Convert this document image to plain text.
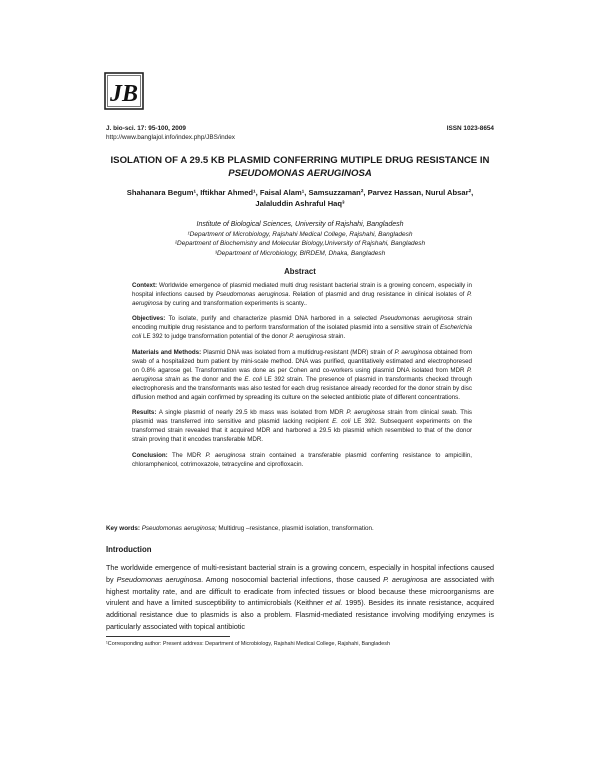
JB
J. bio-sci. 17: 95-100, 2009
http://www.banglajol.info/index.php/JBS/index
ISSN 1023-8654
ISOLATION OF A 29.5 KB PLASMID CONFERRING MUTIPLE DRUG RESISTANCE IN
PSEUDOMONAS AERUGINOSA
Shahanara Begum¹, Iftikhar Ahmed¹, Faisal Alam¹, Samsuzzaman², Parvez Hassan, Nurul Absar²,
Jalaluddin Ashraful Haq³
Institute of Biological Sciences, University of Rajshahi, Bangladesh
¹Department of Microbiology, Rajshahi Medical College, Rajshahi, Bangladesh
²Department of Biochemistry and Molecular Biology,University of Rajshahi, Bangladesh
³Department of Microbiology, BIRDEM, Dhaka, Bangladesh
Abstract

Context: Worldwide emergence of plasmid mediated multi drug resistant bacterial strain is a growing concern, especially in hospital infections caused by Pseudomonas aeruginosa. Relation of plasmid and drug resistance in clinical isolates of P. aeruginosa by curing and transformation experiments is scanty..

Objectives: To isolate, purify and characterize plasmid DNA harbored in a selected Pseudomonas aeruginosa strain encoding multiple drug resistance and to perform transformation of the isolated plasmid into a sensitive strain of Escherichia coli LE 392 to judge transformation potential of the donor P. aeruginosa strain.

Materials and Methods: Plasmid DNA was isolated from a multidrug-resistant (MDR) strain of P. aeruginosa obtained from swab of a hospitalized burn patient by mini-scale method. DNA was purified, quantitatively estimated and electrophoresed on 0.8% agarose gel. Transformation was done as per Cohen and co-workers using plasmid DNA isolated from MDR P. aeruginosa strain as the donor and the E. coli LE 392 strain. The presence of plasmid in transformants checked through electrophoresis and the transformants was also tested for each drug resistance already recorded for the donor strain by disc diffusion method and again confirmed by spreading its culture on the selected antibiotic plate of different concentrations.

Results: A single plasmid of nearly 29.5 kb mass was isolated from MDR P. aeruginosa strain from clinical swab. This plasmid was transferred into sensitive and plasmid lacking recipient E. coli LE 392. Subsequent experiments on the transformed strain revealed that it acquired MDR and harbored a 29.5 kb plasmid which resembled to that of the donor strain proving that it encodes transferable MDR.

Conclusion: The MDR P. aeruginosa strain contained a transferable plasmid conferring resistance to ampicillin, chloramphenicol, cotrimoxazole, tetracycline and ciprofloxacin.

Key words: Pseudomonas aeruginosa; Multidrug –resistance, plasmid isolation, transformation.
Introduction

The worldwide emergence of multi-resistant bacterial strain is a growing concern, especially in hospital infections caused by Pseudomonas aeruginosa. Among nosocomial bacterial infections, those caused P. aeruginosa are associated with highest mortality rate, and are difficult to eradicate from infected tissues or blood because these microorganisms are virulent and have a limited susceptibility to antimicrobials (Keithner et al. 1995). Besides its innate resistance, acquired additional resistance due to plasmids is also a problem. Flasmid-mediated resistance involving modifying enzymes is particularly associated with topical antibiotic

¹Corresponding author: Present address: Department of Microbiology, Rajshahi Medical College, Rajshahi, Bangladesh
